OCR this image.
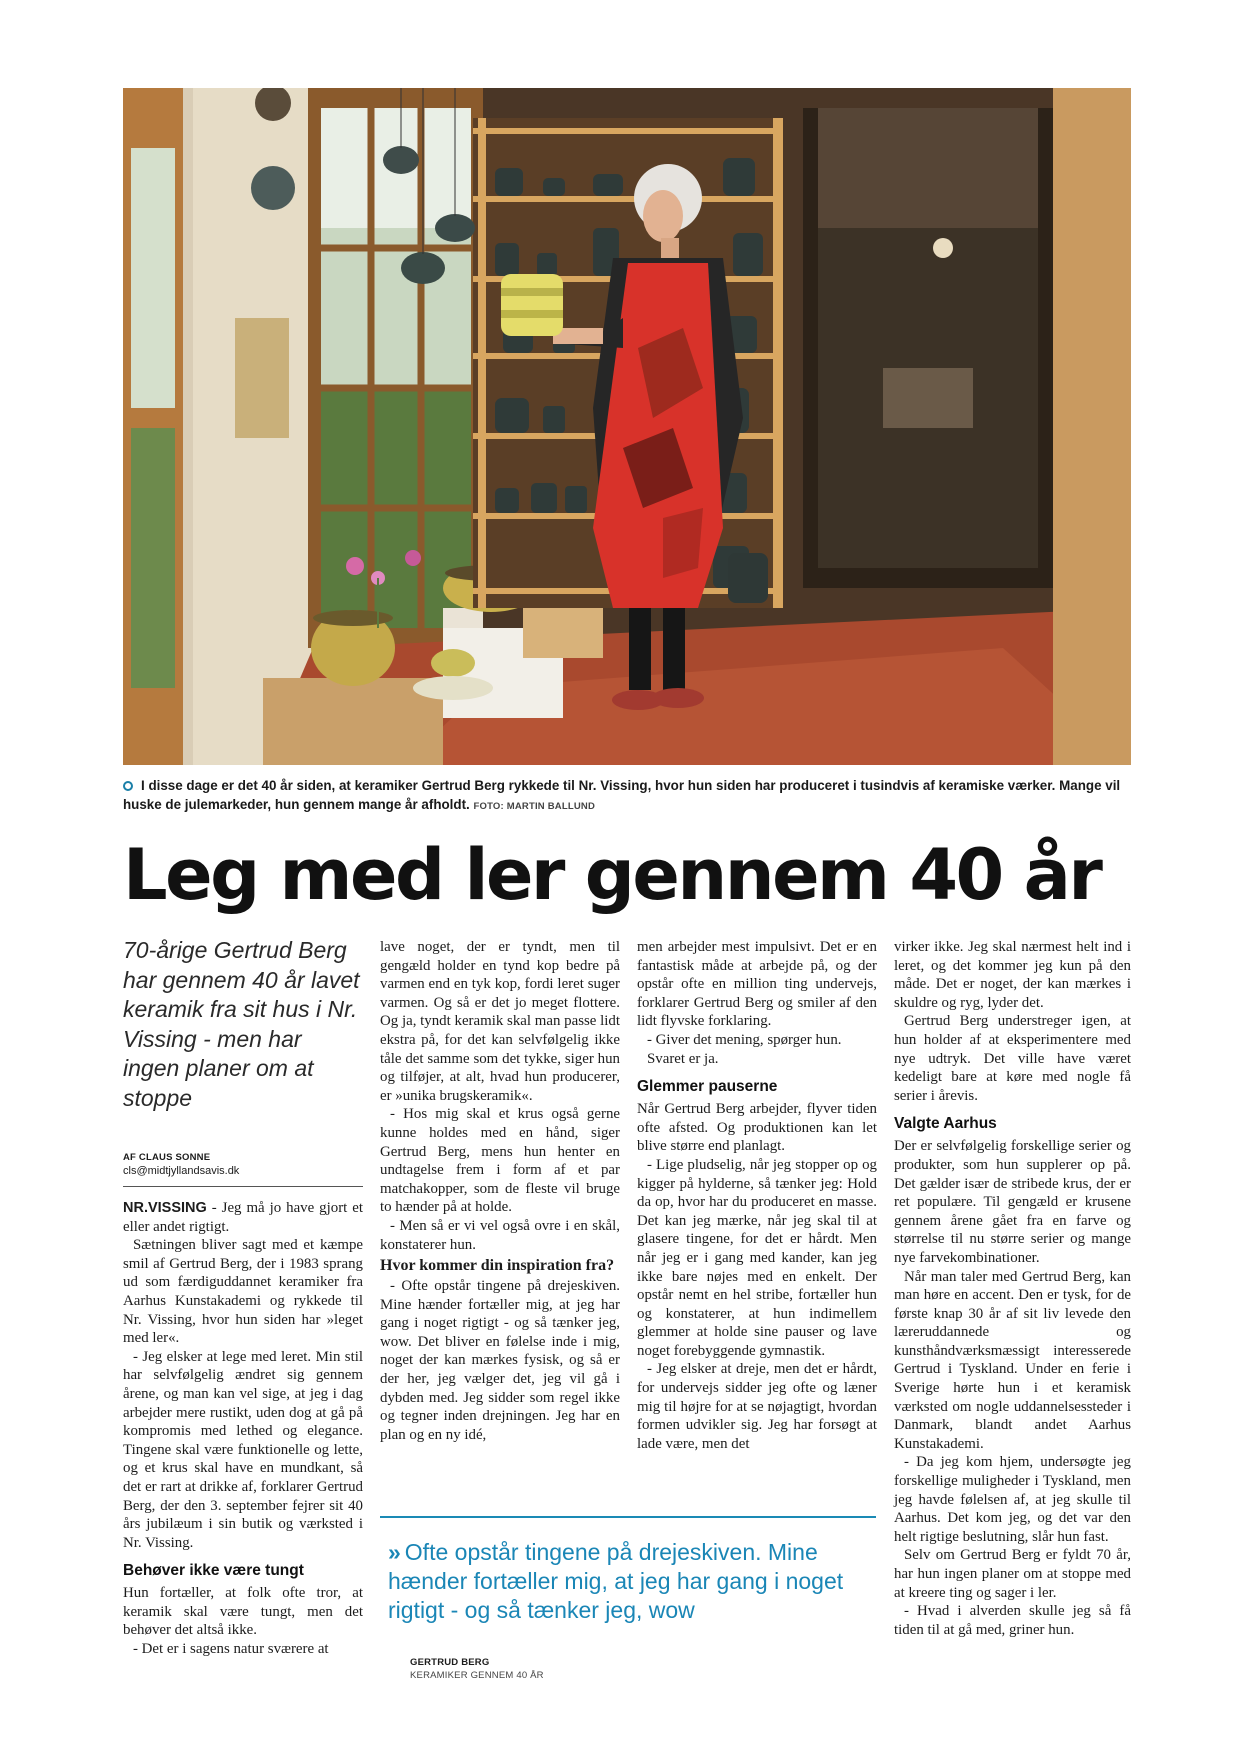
I disse dage er det 40 år siden, at keramiker Gertrud Berg rykkede til Nr. Vissing, hvor hun siden har produceret i tusindvis af keramiske værker. Mange vil huske de julemarkeder, hun gennem mange år afholdt. FOTO: MARTIN BALLUND
Leg med ler gennem 40 år

70-årige Gertrud Berg har gennem 40 år lavet keramik fra sit hus i Nr. Vissing - men har ingen planer om at stoppe

AF CLAUS SONNE
cls@midtjyllandsavis.dk

NR.VISSING - Jeg må jo have gjort et eller andet rigtigt.

Sætningen bliver sagt med et kæmpe smil af Gertrud Berg, der i 1983 sprang ud som færdiguddannet keramiker fra Aarhus Kunstakademi og rykkede til Nr. Vissing, hvor hun siden har »leget med ler«.

- Jeg elsker at lege med leret. Min stil har selvfølgelig ændret sig gennem årene, og man kan vel sige, at jeg i dag arbejder mere rustikt, uden dog at gå på kompromis med lethed og elegance. Tingene skal være funktionelle og lette, og et krus skal have en mundkant, så det er rart at drikke af, forklarer Gertrud Berg, der den 3. september fejrer sit 40 års jubilæum i sin butik og værksted i Nr. Vissing.

Behøver ikke være tungt

Hun fortæller, at folk ofte tror, at keramik skal være tungt, men det behøver det altså ikke.

- Det er i sagens natur sværere at

lave noget, der er tyndt, men til gengæld holder en tynd kop bedre på varmen end en tyk kop, fordi leret suger varmen. Og så er det jo meget flottere. Og ja, tyndt keramik skal man passe lidt ekstra på, for det kan selvfølgelig ikke tåle det samme som det tykke, siger hun og tilføjer, at alt, hvad hun producerer, er »unika brugskeramik«.

- Hos mig skal et krus også gerne kunne holdes med en hånd, siger Gertrud Berg, mens hun henter en undtagelse frem i form af et par matchakopper, som de fleste vil bruge to hænder på at holde.

- Men så er vi vel også ovre i en skål, konstaterer hun.

Hvor kommer din inspiration fra?

- Ofte opstår tingene på drejeskiven. Mine hænder fortæller mig, at jeg har gang i noget rigtigt - og så tænker jeg, wow. Det bliver en følelse inde i mig, noget der kan mærkes fysisk, og så er der her, jeg vælger det, jeg vil gå i dybden med. Jeg sidder som regel ikke og tegner inden drejningen. Jeg har en plan og en ny idé,

men arbejder mest impulsivt. Det er en fantastisk måde at arbejde på, og der opstår ofte en million ting undervejs, forklarer Gertrud Berg og smiler af den lidt flyvske forklaring.

- Giver det mening, spørger hun.

Svaret er ja.

Glemmer pauserne

Når Gertrud Berg arbejder, flyver tiden ofte afsted. Og produktionen kan let blive større end planlagt.

- Lige pludselig, når jeg stopper op og kigger på hylderne, så tænker jeg: Hold da op, hvor har du produceret en masse. Det kan jeg mærke, når jeg skal til at glasere tingene, for det er hårdt. Men når jeg er i gang med kander, kan jeg ikke bare nøjes med en enkelt. Der opstår nemt en hel stribe, fortæller hun og konstaterer, at hun indimellem glemmer at holde sine pauser og lave noget forebyggende gymnastik.

- Jeg elsker at dreje, men det er hårdt, for undervejs sidder jeg ofte og læner mig til højre for at se nøjagtigt, hvordan formen udvikler sig. Jeg har forsøgt at lade være, men det

virker ikke. Jeg skal nærmest helt ind i leret, og det kommer jeg kun på den måde. Det er noget, der kan mærkes i skuldre og ryg, lyder det.

Gertrud Berg understreger igen, at hun holder af at eksperimentere med nye udtryk. Det ville have været kedeligt bare at køre med nogle få serier i årevis.

Valgte Aarhus

Der er selvfølgelig forskellige serier og produkter, som hun supplerer op på. Det gælder især de stribede krus, der er ret populære. Til gengæld er krusene gennem årene gået fra en farve og størrelse til nu større serier og mange nye farvekombinationer.

Når man taler med Gertrud Berg, kan man høre en accent. Den er tysk, for de første knap 30 år af sit liv levede den læreruddannede og kunsthåndværksmæssigt interesserede Gertrud i Tyskland. Under en ferie i Sverige hørte hun i et keramisk værksted om nogle uddannelsessteder i Danmark, blandt andet Aarhus Kunstakademi.

- Da jeg kom hjem, undersøgte jeg forskellige muligheder i Tyskland, men jeg havde følelsen af, at jeg skulle til Aarhus. Det kom jeg, og det var den helt rigtige beslutning, slår hun fast.

Selv om Gertrud Berg er fyldt 70 år, har hun ingen planer om at stoppe med at kreere ting og sager i ler.

- Hvad i alverden skulle jeg så få tiden til at gå med, griner hun.

» Ofte opstår tingene på drejeskiven. Mine hænder fortæller mig, at jeg har gang i noget rigtigt - og så tænker jeg, wow
GERTRUD BERG
KERAMIKER GENNEM 40 ÅR
